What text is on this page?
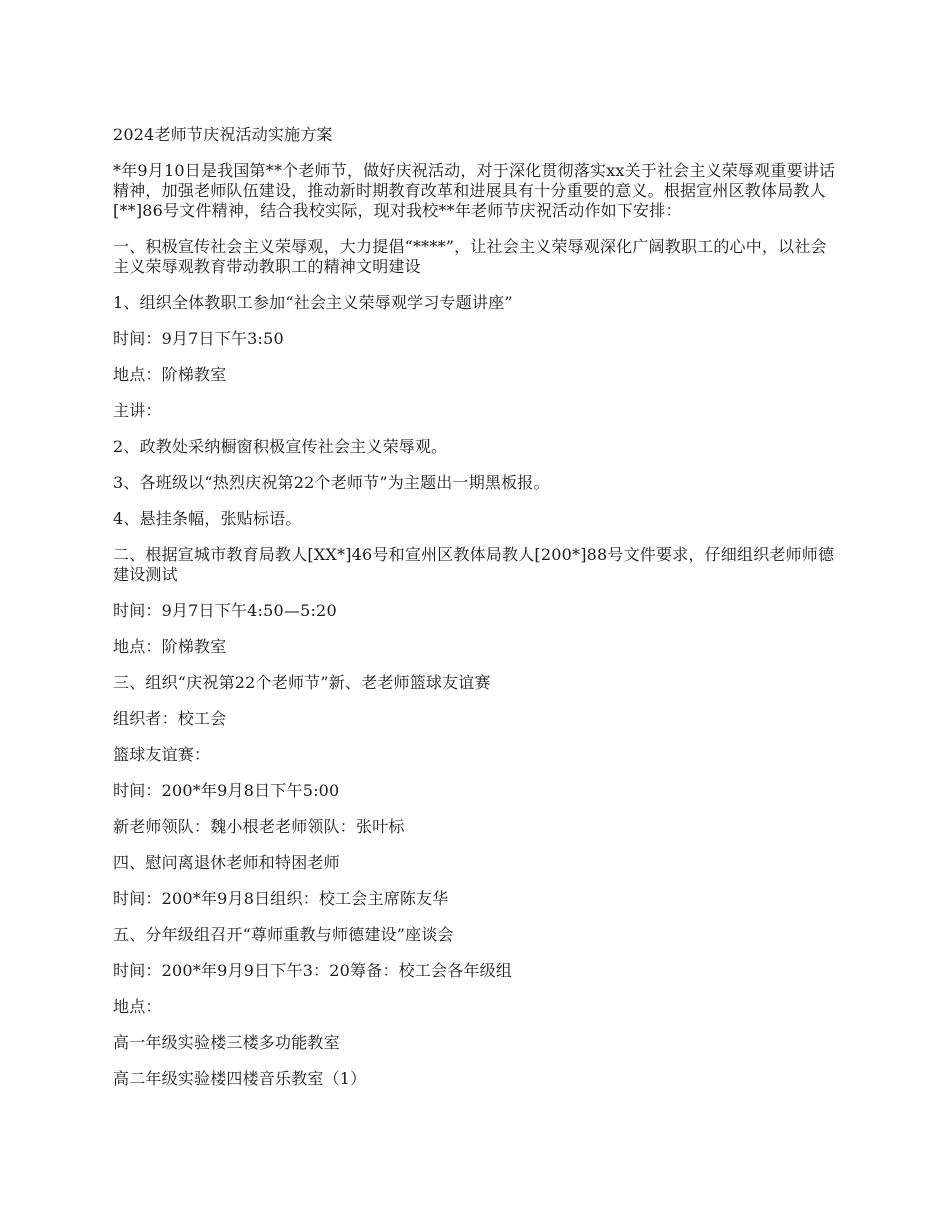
2024老师节庆祝活动实施方案

*年9月10日是我国第**个老师节，做好庆祝活动，对于深化贯彻落实xx关于社会主义荣辱观重要讲话精神，加强老师队伍建设，推动新时期教育改革和进展具有十分重要的意义。根据宣州区教体局教人[**]86号文件精神，结合我校实际，现对我校**年老师节庆祝活动作如下安排：

一、积极宣传社会主义荣辱观，大力提倡“****”，让社会主义荣辱观深化广阔教职工的心中，以社会主义荣辱观教育带动教职工的精神文明建设

1、组织全体教职工参加“社会主义荣辱观学习专题讲座”

时间：9月7日下午3:50

地点：阶梯教室

主讲：

2、政教处采纳橱窗积极宣传社会主义荣辱观。

3、各班级以“热烈庆祝第22个老师节”为主题出一期黑板报。

4、悬挂条幅，张贴标语。

二、根据宣城市教育局教人[XX*]46号和宣州区教体局教人[200*]88号文件要求，仔细组织老师师德建设测试

时间：9月7日下午4:50—5:20

地点：阶梯教室

三、组织“庆祝第22个老师节”新、老老师篮球友谊赛

组织者：校工会

篮球友谊赛：

时间：200*年9月8日下午5:00

新老师领队：魏小根老老师领队：张叶标

四、慰问离退休老师和特困老师

时间：200*年9月8日组织：校工会主席陈友华

五、分年级组召开“尊师重教与师德建设”座谈会

时间：200*年9月9日下午3：20筹备：校工会各年级组

地点：

高一年级实验楼三楼多功能教室

高二年级实验楼四楼音乐教室（1）
